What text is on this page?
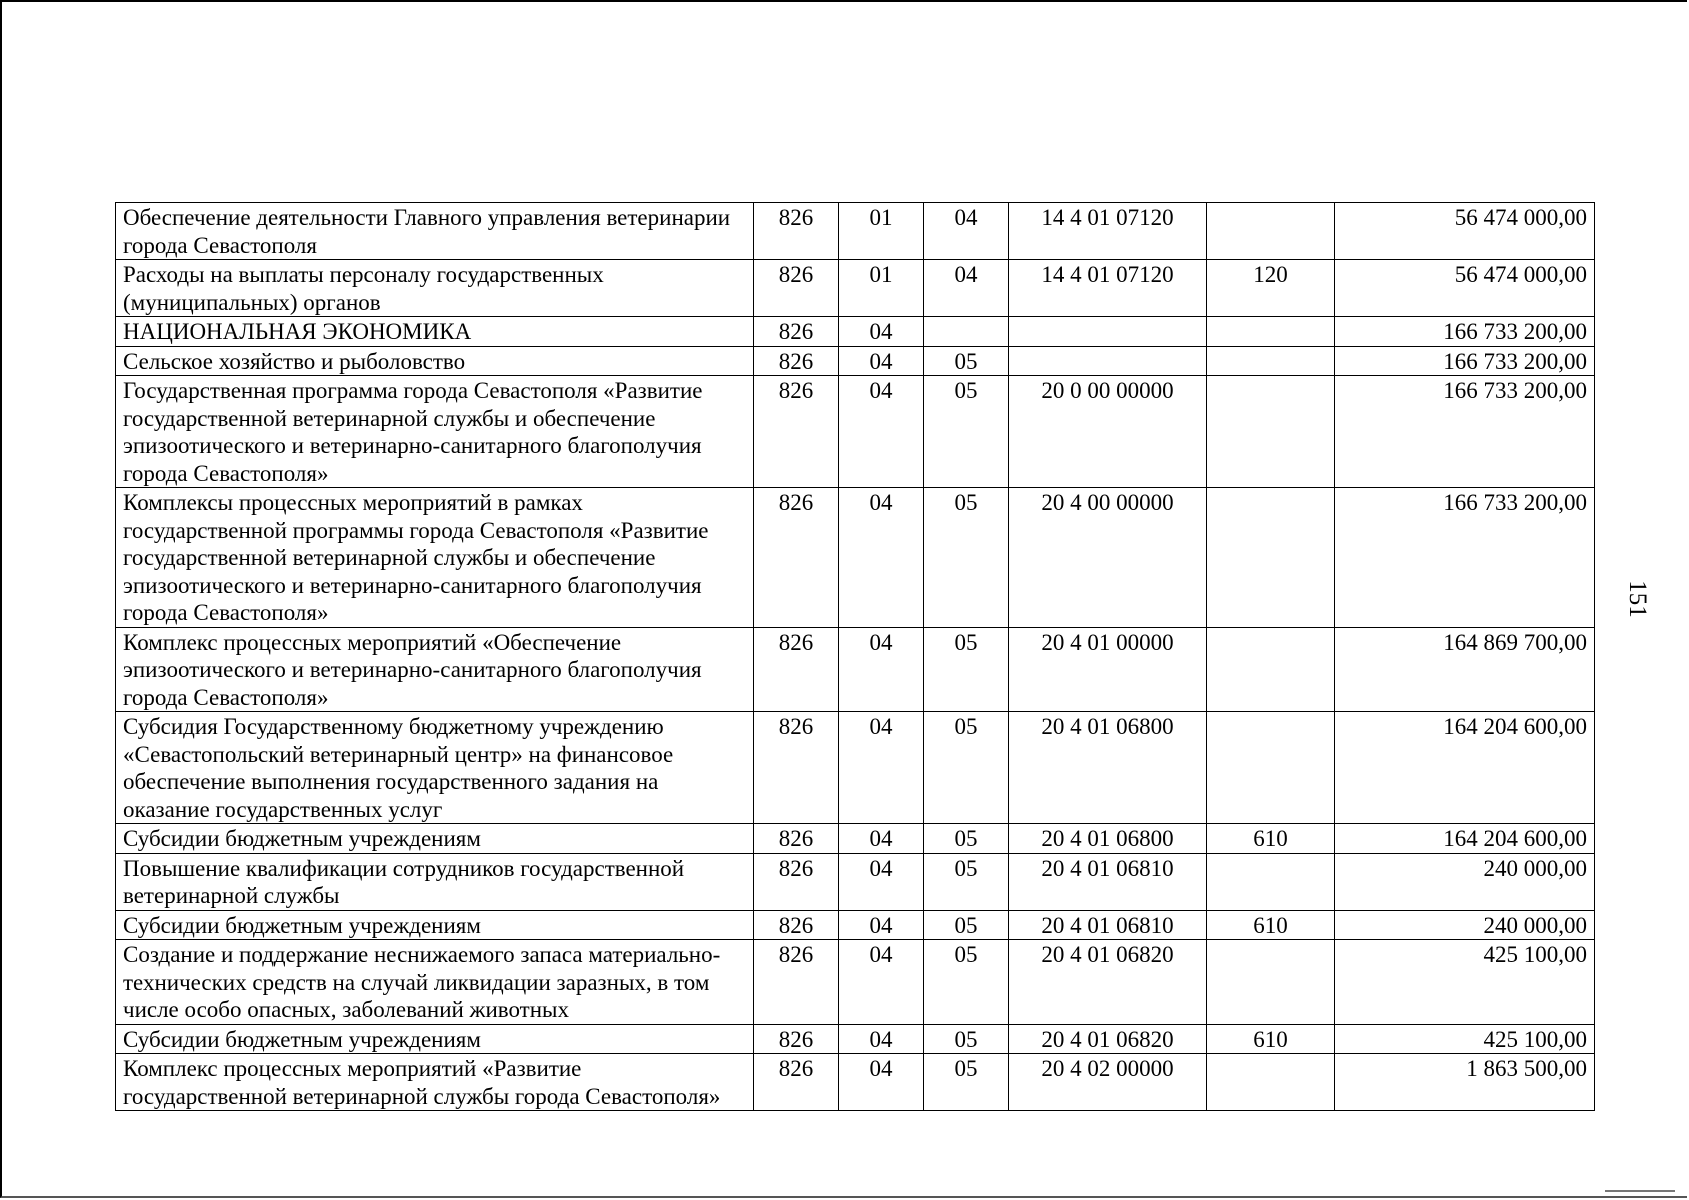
Обеспечение деятельности Главного управления ветеринарии города Севастополя	826	01	04	14 4 01 07120		56 474 000,00
Расходы на выплаты персоналу государственных (муниципальных) органов	826	01	04	14 4 01 07120	120	56 474 000,00
НАЦИОНАЛЬНАЯ ЭКОНОМИКА	826	04				166 733 200,00
Сельское хозяйство и рыболовство	826	04	05			166 733 200,00
Государственная программа города Севастополя «Развитие государственной ветеринарной службы и обеспечение эпизоотического и ветеринарно-санитарного благополучия города Севастополя»	826	04	05	20 0 00 00000		166 733 200,00
Комплексы процессных мероприятий в рамках государственной программы города Севастополя «Развитие государственной ветеринарной службы и обеспечение эпизоотического и ветеринарно-санитарного благополучия города Севастополя»	826	04	05	20 4 00 00000		166 733 200,00
Комплекс процессных мероприятий «Обеспечение эпизоотического и ветеринарно-санитарного благополучия города Севастополя»	826	04	05	20 4 01 00000		164 869 700,00
Субсидия Государственному бюджетному учреждению «Севастопольский ветеринарный центр» на финансовое обеспечение выполнения государственного задания на оказание государственных услуг	826	04	05	20 4 01 06800		164 204 600,00
Субсидии бюджетным учреждениям	826	04	05	20 4 01 06800	610	164 204 600,00
Повышение квалификации сотрудников государственной ветеринарной службы	826	04	05	20 4 01 06810		240 000,00
Субсидии бюджетным учреждениям	826	04	05	20 4 01 06810	610	240 000,00
Создание и поддержание неснижаемого запаса материально-технических средств на случай ликвидации заразных, в том числе особо опасных, заболеваний животных	826	04	05	20 4 01 06820		425 100,00
Субсидии бюджетным учреждениям	826	04	05	20 4 01 06820	610	425 100,00
Комплекс процессных мероприятий «Развитие государственной ветеринарной службы города Севастополя»	826	04	05	20 4 02 00000		1 863 500,00
151
